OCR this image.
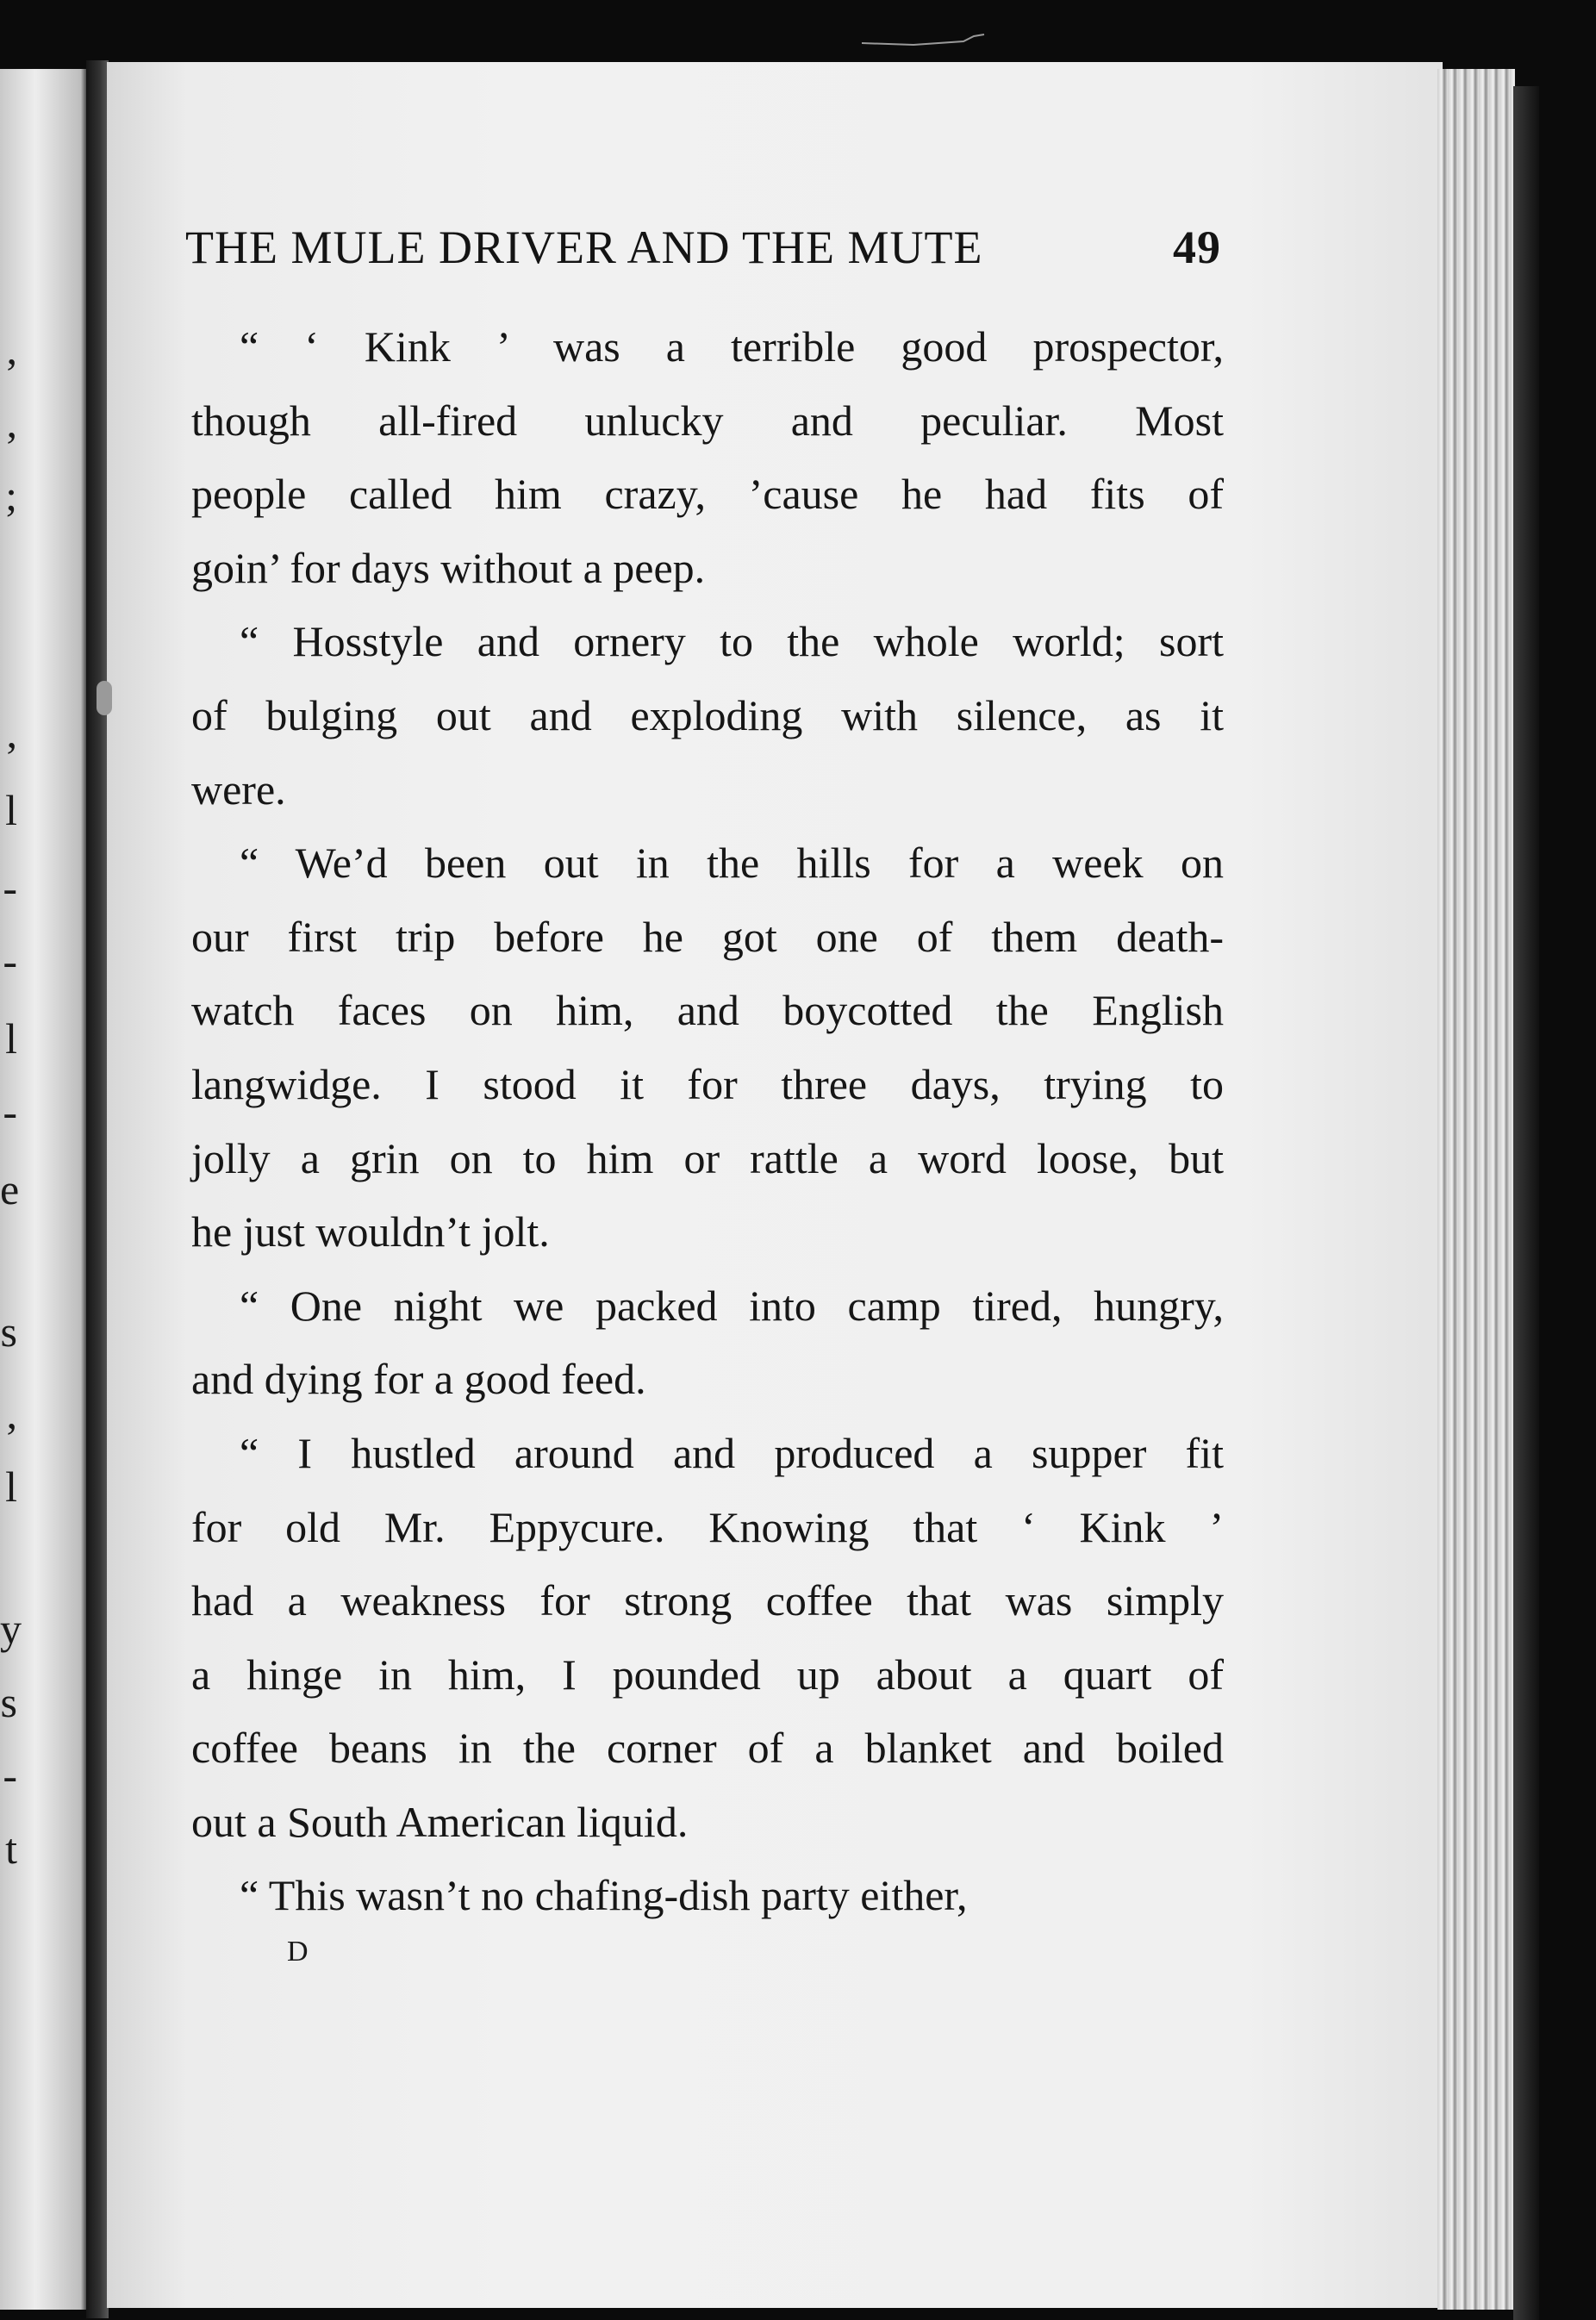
,
,
;
,
l
-
-
l
-
e
s
,
l
y
s
-
t
THE MULE DRIVER AND THE MUTE	49
“ ‘ Kink ’ was a terrible good prospector,
though all-fired unlucky and peculiar. Most
people called him crazy, ’cause he had fits of
goin’ for days without a peep.
“ Hosstyle and ornery to the whole world; sort
of bulging out and exploding with silence, as it
were.
“ We’d been out in the hills for a week on
our first trip before he got one of them death-
watch faces on him, and boycotted the English
langwidge. I stood it for three days, trying to
jolly a grin on to him or rattle a word loose, but
he just wouldn’t jolt.
“ One night we packed into camp tired, hungry,
and dying for a good feed.
“ I hustled around and produced a supper fit
for old Mr. Eppycure. Knowing that ‘ Kink ’
had a weakness for strong coffee that was simply
a hinge in him, I pounded up about a quart of
coffee beans in the corner of a blanket and boiled
out a South American liquid.
“ This wasn’t no chafing-dish party either,
D
